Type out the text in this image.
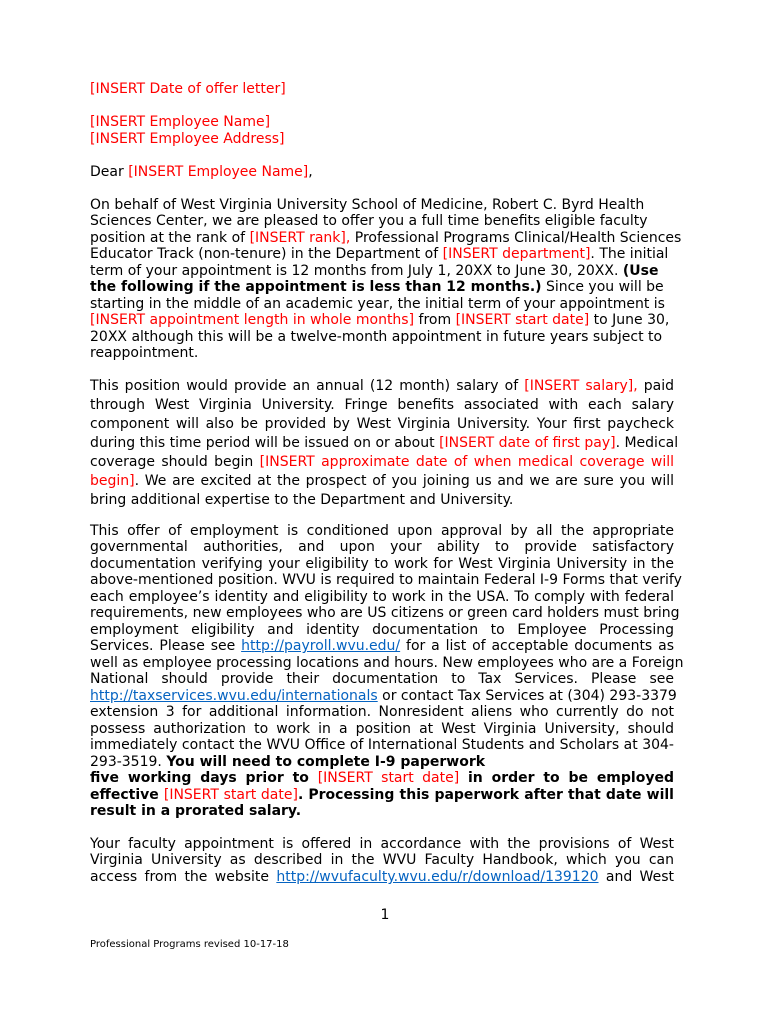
[INSERT Date of offer letter]
[INSERT Employee Name]
[INSERT Employee Address]
Dear [INSERT Employee Name],
On behalf of West Virginia University School of Medicine, Robert C. Byrd Health
Sciences Center, we are pleased to offer you a full time benefits eligible faculty
position at the rank of [INSERT rank], Professional Programs Clinical/Health Sciences
Educator Track (non-tenure) in the Department of [INSERT department]. The initial
term of your appointment is 12 months from July 1, 20XX to June 30, 20XX. (Use
the following if the appointment is less than 12 months.) Since you will be
starting in the middle of an academic year, the initial term of your appointment is
[INSERT appointment length in whole months] from [INSERT start date] to June 30,
20XX although this will be a twelve-month appointment in future years subject to
reappointment.
This position would provide an annual (12 month) salary of [INSERT salary], paid
through West Virginia University. Fringe benefits associated with each salary
component will also be provided by West Virginia University. Your first paycheck
during this time period will be issued on or about [INSERT date of first pay]. Medical
coverage should begin [INSERT approximate date of when medical coverage will
begin]. We are excited at the prospect of you joining us and we are sure you will
bring additional expertise to the Department and University.
This offer of employment is conditioned upon approval by all the appropriate
governmental authorities, and upon your ability to provide satisfactory
documentation verifying your eligibility to work for West Virginia University in the
above-mentioned position. WVU is required to maintain Federal I-9 Forms that verify
each employee’s identity and eligibility to work in the USA. To comply with federal
requirements, new employees who are US citizens or green card holders must bring
employment eligibility and identity documentation to Employee Processing
Services. Please see http://payroll.wvu.edu/ for a list of acceptable documents as
well as employee processing locations and hours. New employees who are a Foreign
National should provide their documentation to Tax Services. Please see
http://taxservices.wvu.edu/internationals or contact Tax Services at (304) 293-3379
extension 3 for additional information. Nonresident aliens who currently do not
possess authorization to work in a position at West Virginia University, should
immediately contact the WVU Office of International Students and Scholars at 304-
293-3519. You will need to complete I-9 paperwork
five working days prior to [INSERT start date] in order to be employed
effective [INSERT start date]. Processing this paperwork after that date will
result in a prorated salary.
Your faculty appointment is offered in accordance with the provisions of West
Virginia University as described in the WVU Faculty Handbook, which you can
access from the website http://wvufaculty.wvu.edu/r/download/139120 and West
1
Professional Programs revised 10-17-18
